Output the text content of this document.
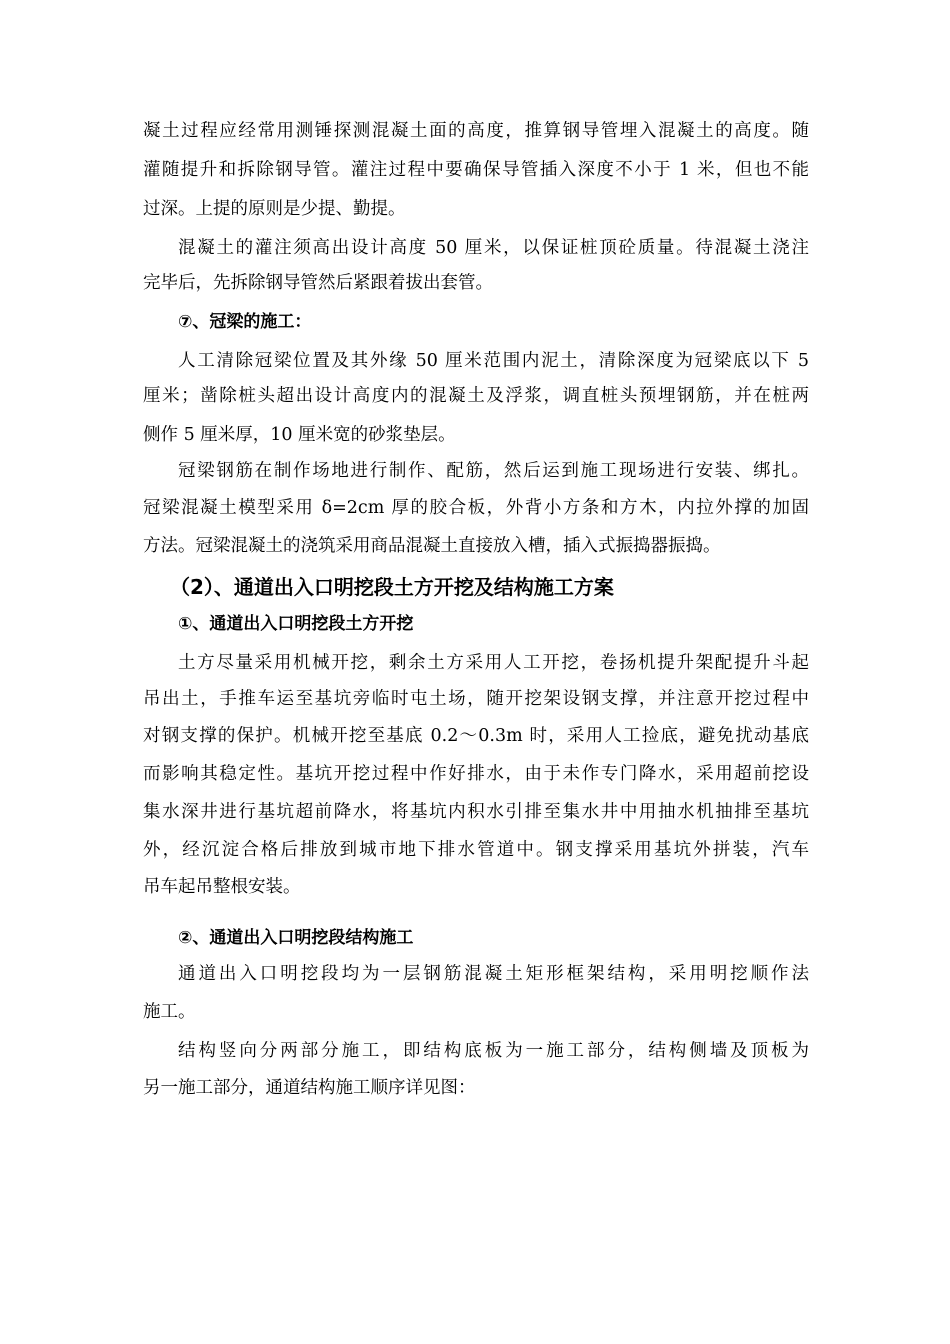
凝土过程应经常用测锤探测混凝土面的高度，推算钢导管埋入混凝土的高度。随
灌随提升和拆除钢导管。灌注过程中要确保导管插入深度不小于 1 米，但也不能
过深。上提的原则是少提、勤提。
混凝土的灌注须高出设计高度 50 厘米，以保证桩顶砼质量。待混凝土浇注
完毕后，先拆除钢导管然后紧跟着拔出套管。
⑦、冠梁的施工：
人工清除冠梁位置及其外缘 50 厘米范围内泥土，清除深度为冠梁底以下 5
厘米；凿除桩头超出设计高度内的混凝土及浮浆，调直桩头预埋钢筋，并在桩两
侧作 5 厘米厚，10 厘米宽的砂浆垫层。
冠梁钢筋在制作场地进行制作、配筋，然后运到施工现场进行安装、绑扎。
冠梁混凝土模型采用 δ=2cm 厚的胶合板，外背小方条和方木，内拉外撑的加固
方法。冠梁混凝土的浇筑采用商品混凝土直接放入槽，插入式振捣器振捣。
（2）、通道出入口明挖段土方开挖及结构施工方案
①、通道出入口明挖段土方开挖
土方尽量采用机械开挖，剩余土方采用人工开挖，卷扬机提升架配提升斗起
吊出土，手推车运至基坑旁临时屯土场，随开挖架设钢支撑，并注意开挖过程中
对钢支撑的保护。机械开挖至基底 0.2～0.3m 时，采用人工捡底，避免扰动基底
而影响其稳定性。基坑开挖过程中作好排水，由于未作专门降水，采用超前挖设
集水深井进行基坑超前降水，将基坑内积水引排至集水井中用抽水机抽排至基坑
外，经沉淀合格后排放到城市地下排水管道中。钢支撑采用基坑外拼装，汽车
吊车起吊整根安装。
②、通道出入口明挖段结构施工
通道出入口明挖段均为一层钢筋混凝土矩形框架结构，采用明挖顺作法
施工。
结构竖向分两部分施工，即结构底板为一施工部分，结构侧墙及顶板为
另一施工部分，通道结构施工顺序详见图：
